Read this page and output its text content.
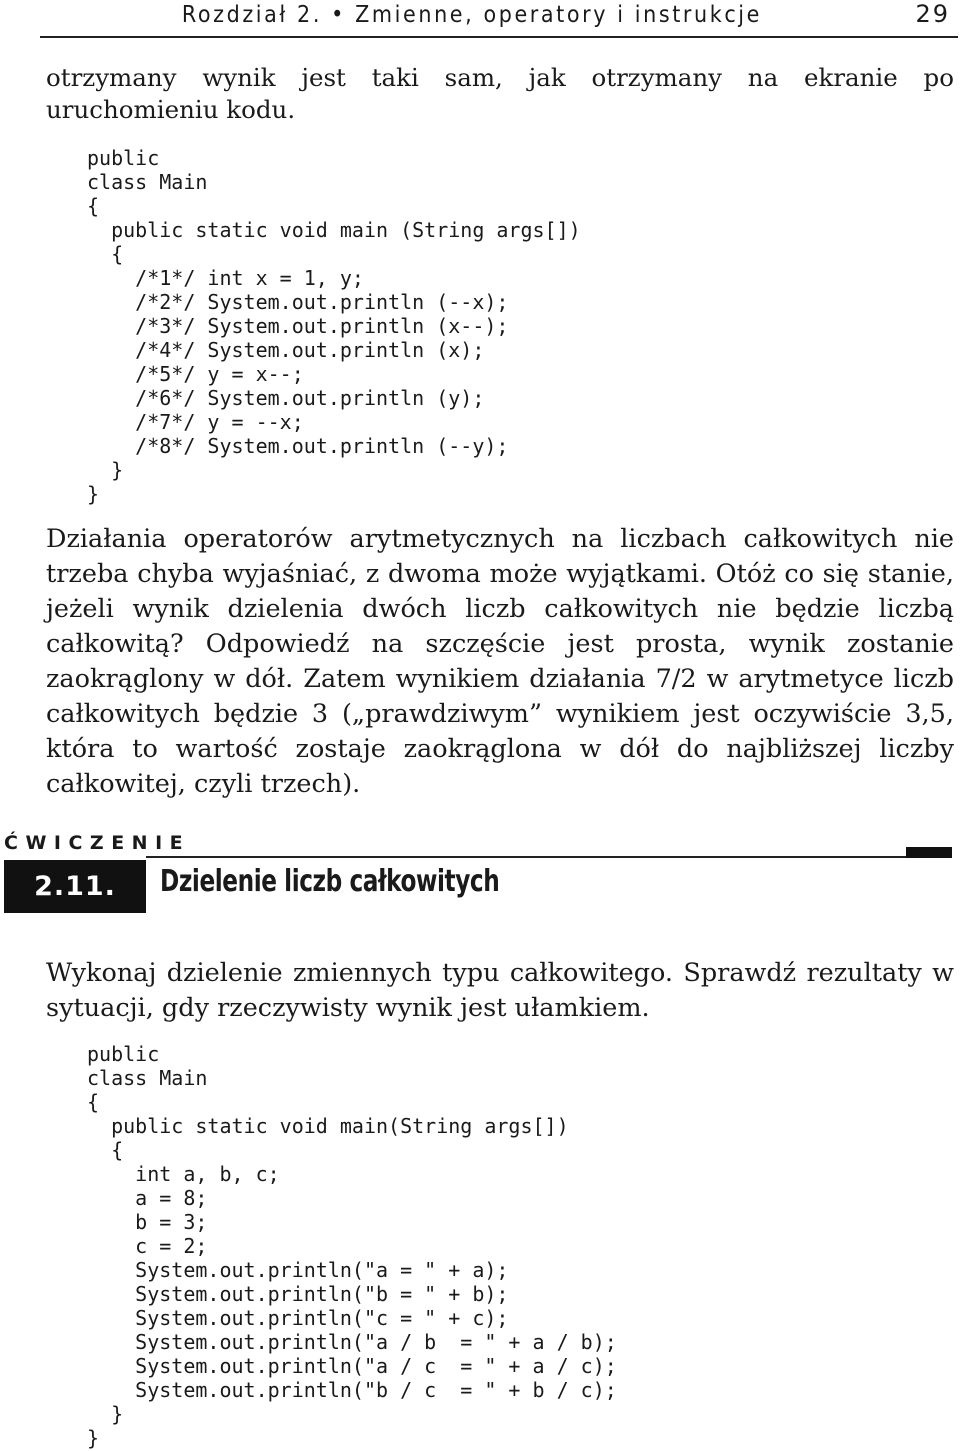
Rozdział 2. • Zmienne, operatory i instrukcje	29

otrzymany wynik jest taki sam, jak otrzymany na ekranie po uruchomieniu kodu.

public
class Main
{
public static void main (String args[])
{
/*1*/ int x = 1, y;
/*2*/ System.out.println (--x);
/*3*/ System.out.println (x--);
/*4*/ System.out.println (x);
/*5*/ y = x--;
/*6*/ System.out.println (y);
/*7*/ y = --x;
/*8*/ System.out.println (--y);
}
}

Działania operatorów arytmetycznych na liczbach całkowitych nie trzeba chyba wyjaśniać, z dwoma może wyjątkami. Otóż co się stanie, jeżeli wynik dzielenia dwóch liczb całkowitych nie będzie liczbą całkowitą? Odpowiedź na szczęście jest prosta, wynik zostanie zaokrąglony w dół. Zatem wynikiem działania 7/2 w arytmetyce liczb całkowitych będzie 3 („prawdziwym” wynikiem jest oczywiście 3,5, która to wartość zostaje zaokrąglona w dół do najbliższej liczby całkowitej, czyli trzech).

ĆWICZENIE
2.11.	Dzielenie liczb całkowitych

Wykonaj dzielenie zmiennych typu całkowitego. Sprawdź rezultaty w sytuacji, gdy rzeczywisty wynik jest ułamkiem.

public
class Main
{
public static void main(String args[])
{
int a, b, c;
a = 8;
b = 3;
c = 2;
System.out.println("a = " + a);
System.out.println("b = " + b);
System.out.println("c = " + c);
System.out.println("a / b  = " + a / b);
System.out.println("a / c  = " + a / c);
System.out.println("b / c  = " + b / c);
}
}
